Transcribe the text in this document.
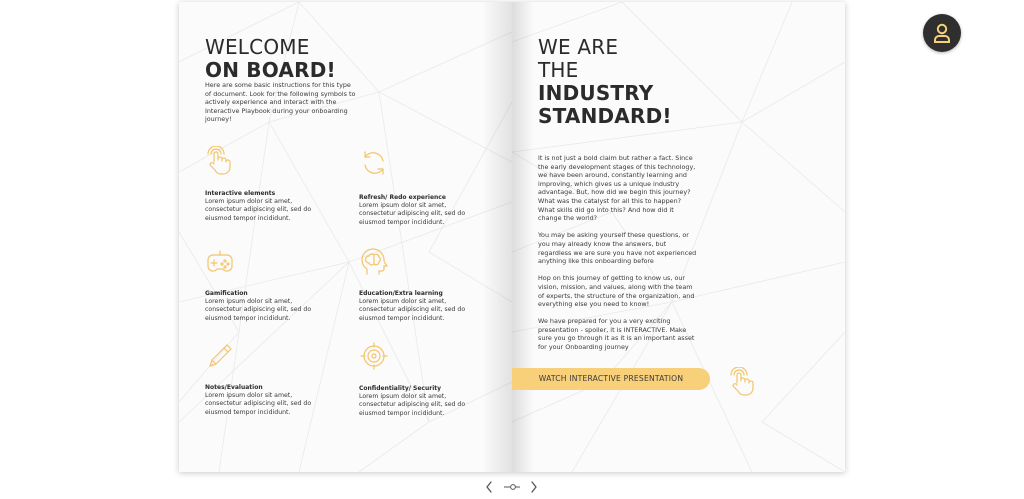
WELCOME
ON BOARD!
Here are some basic instructions for this type of document. Look for the following symbols to actively experience and interact with the Interactive Playbook during your onboarding journey!
Interactive elements
Lorem ipsum dolor sit amet, consectetur adipiscing elit, sed do eiusmod tempor incididunt.
Refresh/ Redo experience
Lorem ipsum dolor sit amet, consectetur adipiscing elit, sed do eiusmod tempor incididunt.
Gamification
Lorem ipsum dolor sit amet, consectetur adipiscing elit, sed do eiusmod tempor incididunt.
Education/Extra learning
Lorem ipsum dolor sit amet, consectetur adipiscing elit, sed do eiusmod tempor incididunt.
Notes/Evaluation
Lorem ipsum dolor sit amet, consectetur adipiscing elit, sed do eiusmod tempor incididunt.
Confidentiality/ Security
Lorem ipsum dolor sit amet, consectetur adipiscing elit, sed do eiusmod tempor incididunt.
WE ARE
THE
INDUSTRY
STANDARD!

It is not just a bold claim but rather a fact. Since the early development stages of this technology, we have been around, constantly learning and improving, which gives us a unique industry advantage. But, how did we begin this journey? What was the catalyst for all this to happen? What skills did go into this? And how did it change the world?

You may be asking yourself these questions, or you may already know the answers, but regardless we are sure you have not experienced anything like this onboarding before

Hop on this journey of getting to know us, our vision, mission, and values, along with the team of experts, the structure of the organization, and everything else you need to know!

We have prepared for you a very exciting presentation - spoiler, it is INTERACTIVE. Make sure you go through it as it is an important asset for your Onboarding journey

WATCH INTERACTIVE PRESENTATION
